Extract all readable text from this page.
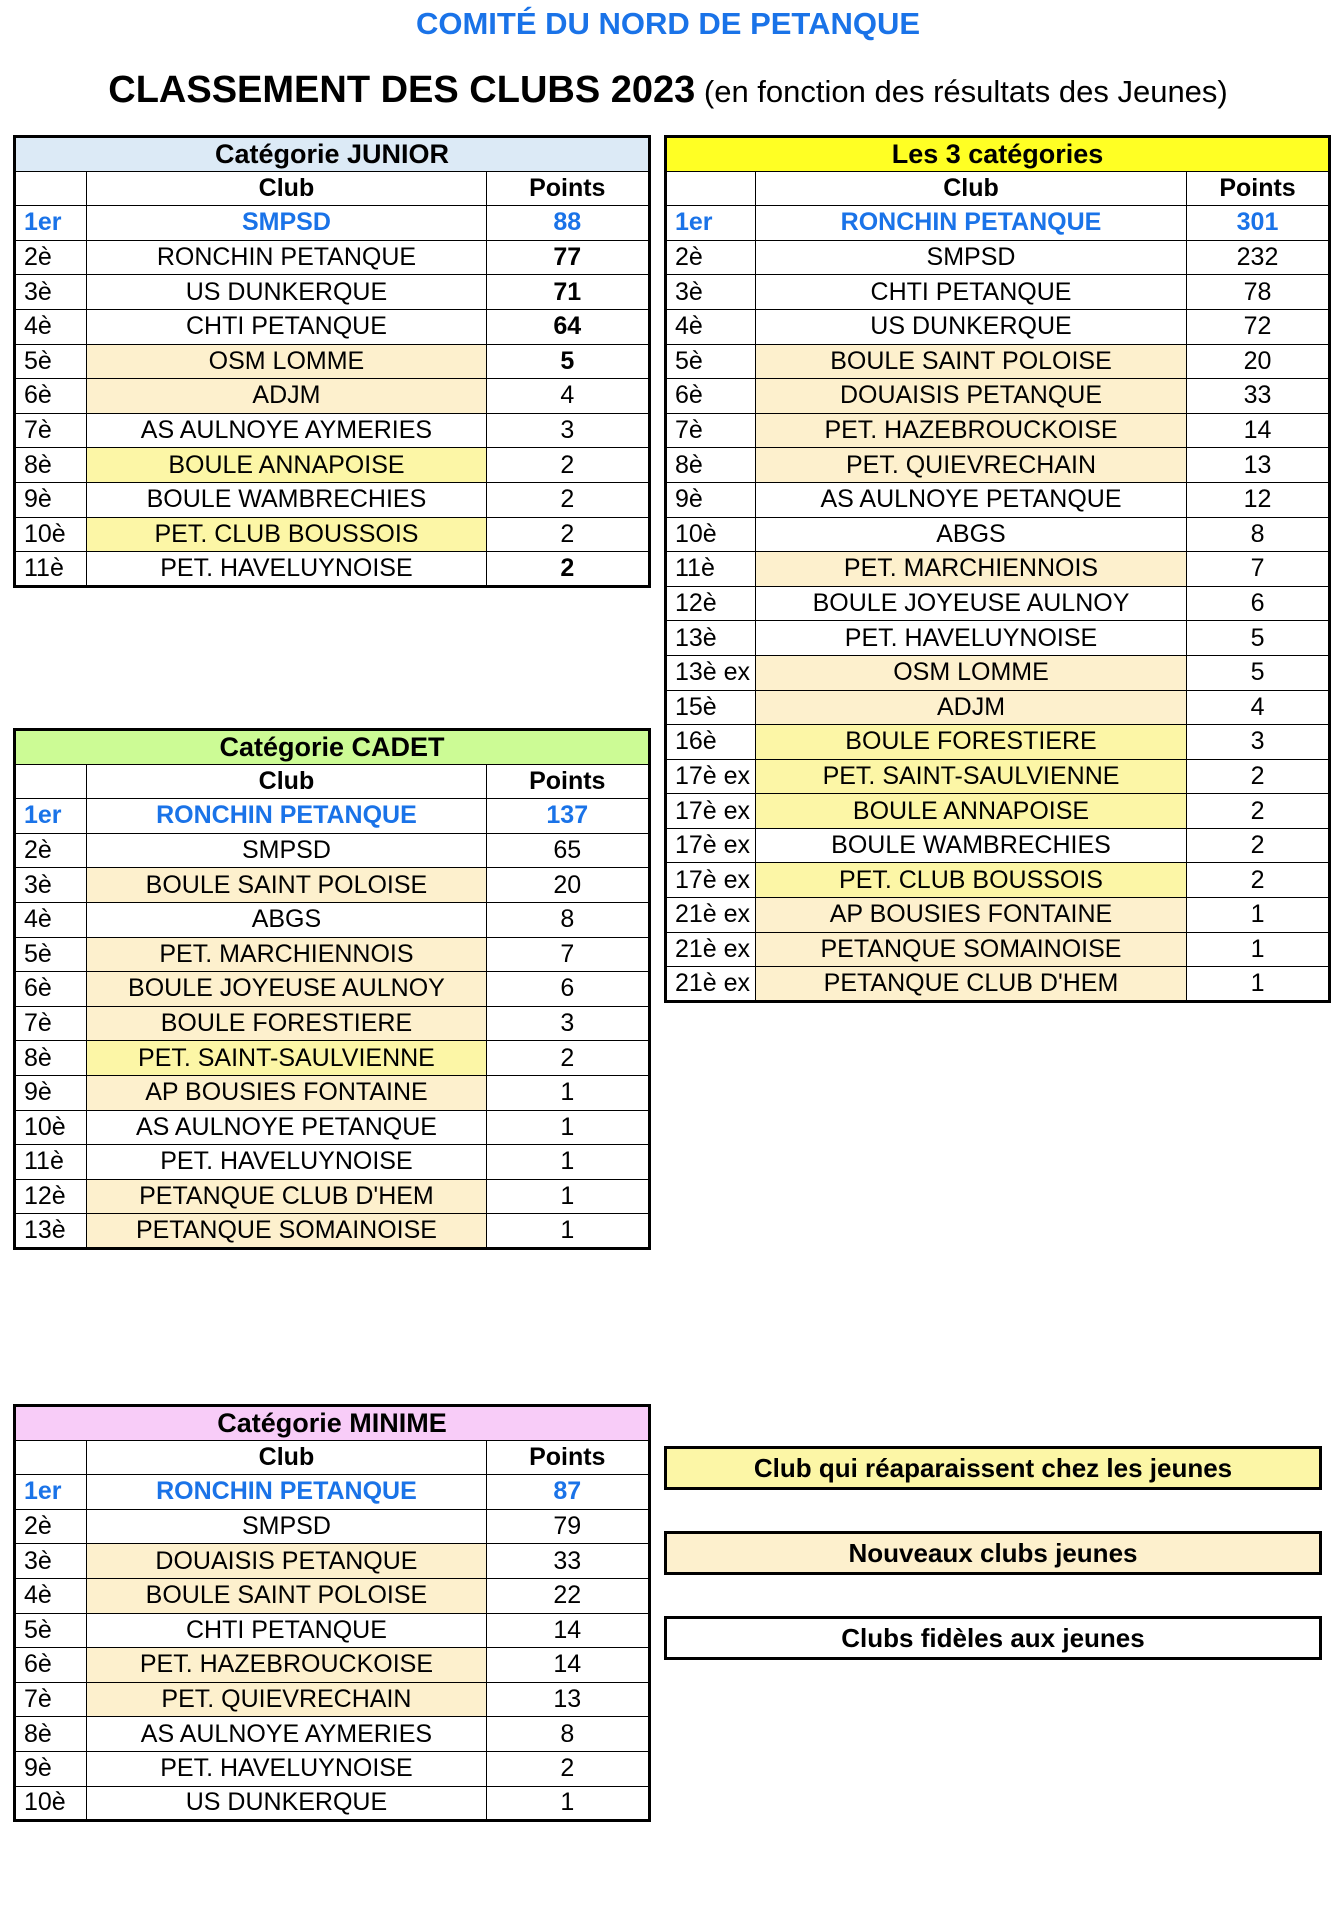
COMITÉ DU NORD DE PETANQUE
CLASSEMENT DES CLUBS 2023 (en fonction des résultats des Jeunes)
Catégorie JUNIOR		
	Club	Points
1er	SMPSD	88
2è	RONCHIN PETANQUE	77
3è	US DUNKERQUE	71
4è	CHTI PETANQUE	64
5è	OSM LOMME	5
6è	ADJM	4
7è	AS AULNOYE AYMERIES	3
8è	BOULE ANNAPOISE	2
9è	BOULE WAMBRECHIES	2
10è	PET. CLUB BOUSSOIS	2
11è	PET. HAVELUYNOISE	2
Catégorie CADET		
	Club	Points
1er	RONCHIN PETANQUE	137
2è	SMPSD	65
3è	BOULE SAINT POLOISE	20
4è	ABGS	8
5è	PET. MARCHIENNOIS	7
6è	BOULE JOYEUSE AULNOY	6
7è	BOULE FORESTIERE	3
8è	PET. SAINT-SAULVIENNE	2
9è	AP BOUSIES FONTAINE	1
10è	AS AULNOYE PETANQUE	1
11è	PET. HAVELUYNOISE	1
12è	PETANQUE CLUB D'HEM	1
13è	PETANQUE SOMAINOISE	1
Catégorie MINIME		
	Club	Points
1er	RONCHIN PETANQUE	87
2è	SMPSD	79
3è	DOUAISIS PETANQUE	33
4è	BOULE SAINT POLOISE	22
5è	CHTI PETANQUE	14
6è	PET. HAZEBROUCKOISE	14
7è	PET. QUIEVRECHAIN	13
8è	AS AULNOYE AYMERIES	8
9è	PET. HAVELUYNOISE	2
10è	US DUNKERQUE	1
Les 3 catégories		
	Club	Points
1er	RONCHIN PETANQUE	301
2è	SMPSD	232
3è	CHTI PETANQUE	78
4è	US DUNKERQUE	72
5è	BOULE SAINT POLOISE	20
6è	DOUAISIS PETANQUE	33
7è	PET. HAZEBROUCKOISE	14
8è	PET. QUIEVRECHAIN	13
9è	AS AULNOYE PETANQUE	12
10è	ABGS	8
11è	PET. MARCHIENNOIS	7
12è	BOULE JOYEUSE AULNOY	6
13è	PET. HAVELUYNOISE	5
13è ex	OSM LOMME	5
15è	ADJM	4
16è	BOULE FORESTIERE	3
17è ex	PET. SAINT-SAULVIENNE	2
17è ex	BOULE ANNAPOISE	2
17è ex	BOULE WAMBRECHIES	2
17è ex	PET. CLUB BOUSSOIS	2
21è ex	AP BOUSIES FONTAINE	1
21è ex	PETANQUE SOMAINOISE	1
21è ex	PETANQUE CLUB D'HEM	1
Club qui réaparaissent chez les jeunes
Nouveaux clubs jeunes
Clubs fidèles aux jeunes
